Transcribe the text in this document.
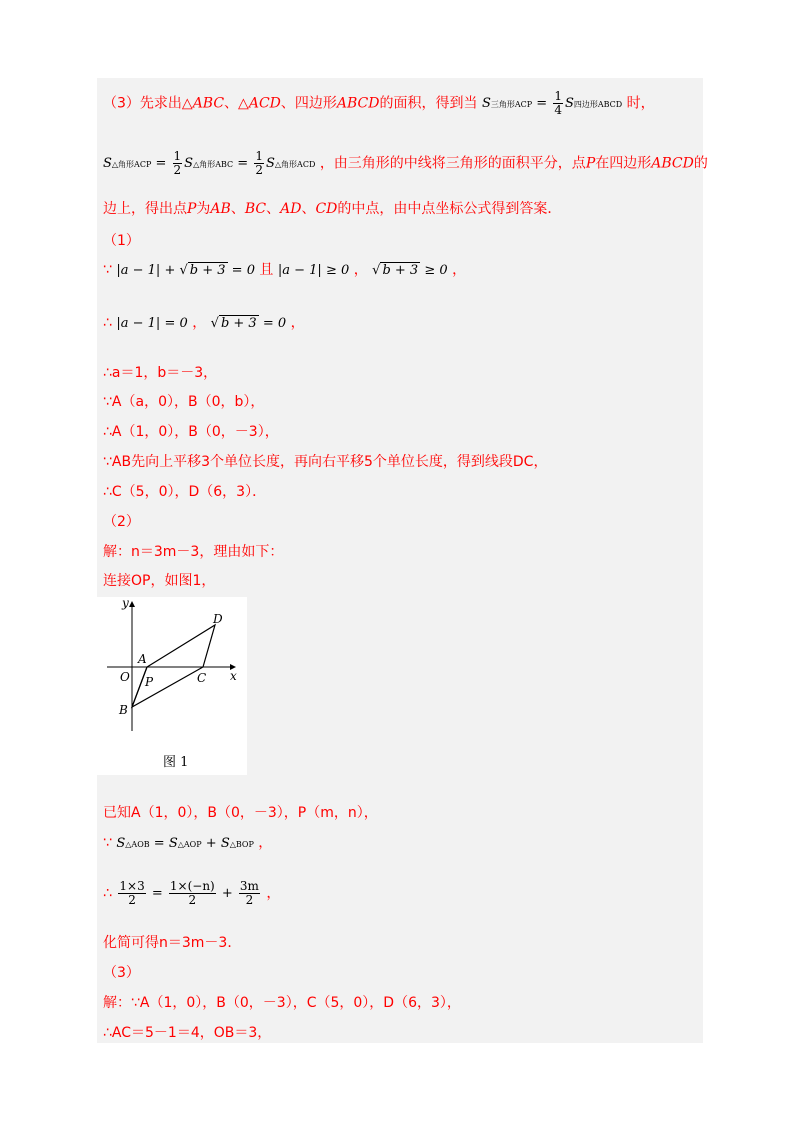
（3）先求出△ABC、△ACD、四边形ABCD的面积，得到当 S三角形ACP = $\frac{1}{4}$ S四边形ABCD 时，
S△角形ACP = $\frac{1}{2}$ S△角形ABC = $\frac{1}{2}$ S△角形ACD ，由三角形的中线将三角形的面积平分，点P在四边形ABCD的
边上，得出点P为AB、BC、AD、CD的中点，由中点坐标公式得到答案．
（1）
∵ |a − 1| + √ b + 3 = 0 且 |a − 1| ≥ 0 ， √ b + 3 ≥ 0 ，
∴ |a − 1| = 0 ， √ b + 3 = 0 ，
∴a＝1，b＝－3，
∵A（a，0），B（0，b），
∴A（1，0），B（0，－3），
∵AB先向上平移3个单位长度，再向右平移5个单位长度，得到线段DC，
∴C（5，0），D（6，3）．
（2）
解：n＝3m－3，理由如下：
连接OP，如图1，
y
x
O
A
P	C
D
B
图 1
已知A（1，0），B（0，－3），P（m，n），
∵ S△AOB = S△AOP + S△BOP ，
∴ $\frac{1\times 3}{2} = \frac{1\times(-n)}{2} + \frac{3m}{2}$ ，
化简可得n＝3m－3．
（3）
解：∵A（1，0），B（0，－3），C（5，0），D（6，3），
∴AC＝5－1＝4，OB＝3，
